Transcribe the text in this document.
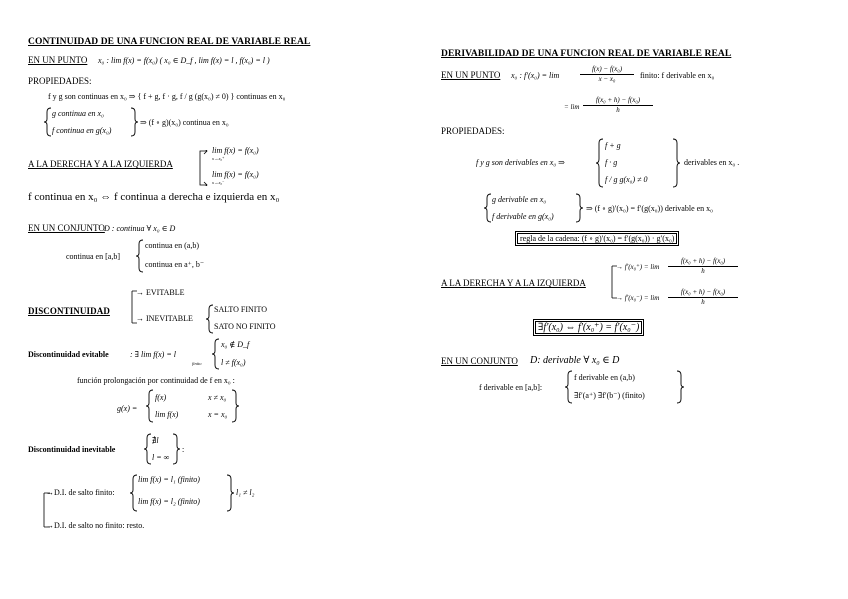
CONTINUIDAD DE UNA FUNCION REAL DE VARIABLE REAL
EN UN PUNTO x₀ : lim f(x) = f(x₀) ( x₀ ∈ D_f , lim f(x) = l , f(x₀) = l )
PROPIEDADES:
f y g son continuas en x₀ ⇒ { f + g, f · g, f / g (g(x₀) ≠ 0) } continuas en x₀
g continua en x₀
f continua en g(x₀)
⇒ (f ∘ g)(x₀) continua en x₀
A LA DERECHA Y A LA IZQUIERDA
lim f(x) = f(x₀)
x→x₀⁺
lim f(x) = f(x₀)
x→x₀⁻
f continua en x₀ ⇔ f continua a derecha e izquierda en x₀
EN UN CONJUNTO D : continua ∀ x₀ ∈ D
continua en [a,b]
continua en (a,b)
continua en a⁺, b⁻
DISCONTINUIDAD
→ EVITABLE
→ INEVITABLE
SALTO FINITO
SATO NO FINITO
Discontinuidad evitable	: ∃ lim f(x) = l
finito
x₀ ∉ D_f
l ≠ f(x₀)
función prolongación por continuidad de f en x₀ :
g(x) =
f(x)	x ≠ x₀
lim f(x)	x = x₀
Discontinuidad inevitable
∄l
l = ∞
:
→D.I. de salto finito:
lim f(x) = l₁ (finito)
lim f(x) = l₂ (finito)
l₁ ≠ l₂
→D.I. de salto no finito: resto.
DERIVABILIDAD DE UNA FUNCION REAL DE VARIABLE REAL
EN UN PUNTO x₀ : f′(x₀) = lim	$\frac{\text{f(x) − f(x₀)}}{\text{x − x₀}}$ finito: f derivable en x₀
= $\lim \frac{\text{f(x₀ + h) − f(x₀)}}{h}$
PROPIEDADES:
f y g son derivables en x₀ ⇒
f + g
f · g
f / g g(x₀) ≠ 0
derivables en x₀ .
g derivable en x₀
f derivable en g(x₀)
⇒ (f ∘ g)′(x₀) = f′(g(x₀)) derivable en x₀
regla de la cadena: (f ∘ g)′(x₀) = f′(g(x₀)) · g′(x₀)
A LA DERECHA Y A LA IZQUIERDA
→ $f'(x_0^+) = \lim \frac{\text{f(x₀ + h) − f(x₀)}}{h}$
→ $f'(x_0^-) = \lim \frac{\text{f(x₀ + h) − f(x₀)}}{h}$
∃f′(x₀) ⇔ f′(x₀⁺) = f′(x₀⁻)
EN UN CONJUNTO D: derivable ∀ x₀ ∈ D
f derivable en [a,b]:
f derivable en (a,b)
∃f′(a⁺) ∃f′(b⁻) (finito)
